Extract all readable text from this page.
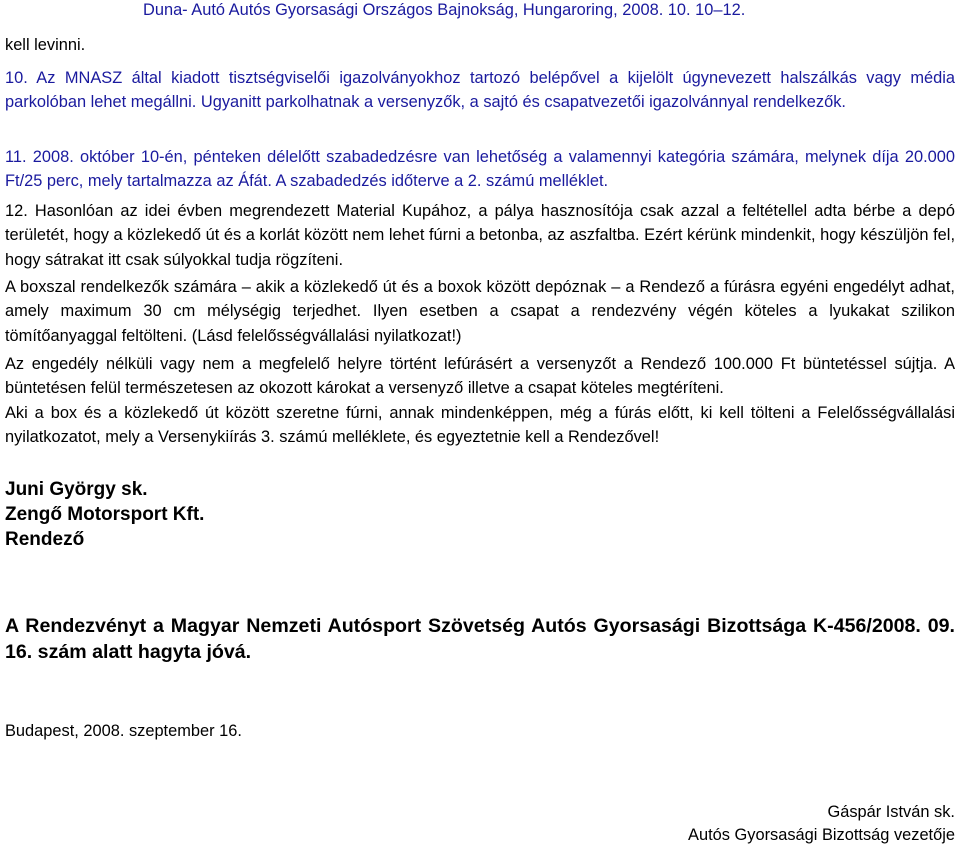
Duna- Autó Autós Gyorsasági Országos Bajnokság, Hungaroring, 2008. 10. 10–12.
kell levinni.

10. Az MNASZ által kiadott tisztségviselői igazolványokhoz tartozó belépővel a kijelölt úgynevezett halszálkás vagy média parkolóban lehet megállni. Ugyanitt parkolhatnak a versenyzők, a sajtó és csapatvezetői igazolvánnyal rendelkezők.

11. 2008. október 10-én, pénteken délelőtt szabadedzésre van lehetőség a valamennyi kategória számára, melynek díja 20.000 Ft/25 perc, mely tartalmazza az Áfát. A szabadedzés időterve a 2. számú melléklet.

12. Hasonlóan az idei évben megrendezett Material Kupához, a pálya hasznosítója csak azzal a feltétellel adta bérbe a depó területét, hogy a közlekedő út és a korlát között nem lehet fúrni a betonba, az aszfaltba. Ezért kérünk mindenkit, hogy készüljön fel, hogy sátrakat itt csak súlyokkal tudja rögzíteni.

A boxszal rendelkezők számára – akik a közlekedő út és a boxok között depóznak – a Rendező a fúrásra egyéni engedélyt adhat, amely maximum 30 cm mélységig terjedhet. Ilyen esetben a csapat a rendezvény végén köteles a lyukakat szilikon tömítőanyaggal feltölteni. (Lásd felelősségvállalási nyilatkozat!)

Az engedély nélküli vagy nem a megfelelő helyre történt lefúrásért a versenyzőt a Rendező 100.000 Ft büntetéssel sújtja. A büntetésen felül természetesen az okozott károkat a versenyző illetve a csapat köteles megtéríteni.

Aki a box és a közlekedő út között szeretne fúrni, annak mindenképpen, még a fúrás előtt, ki kell tölteni a Felelősségvállalási nyilatkozatot, mely a Versenykiírás 3. számú melléklete, és egyeztetnie kell a Rendezővel!

Juni György sk.
Zengő Motorsport Kft.
Rendező
A Rendezvényt a Magyar Nemzeti Autósport Szövetség Autós Gyorsasági Bizottsága K-456/2008. 09. 16. szám alatt hagyta jóvá.
Budapest, 2008. szeptember 16.
Gáspár István sk.
Autós Gyorsasági Bizottság vezetője
